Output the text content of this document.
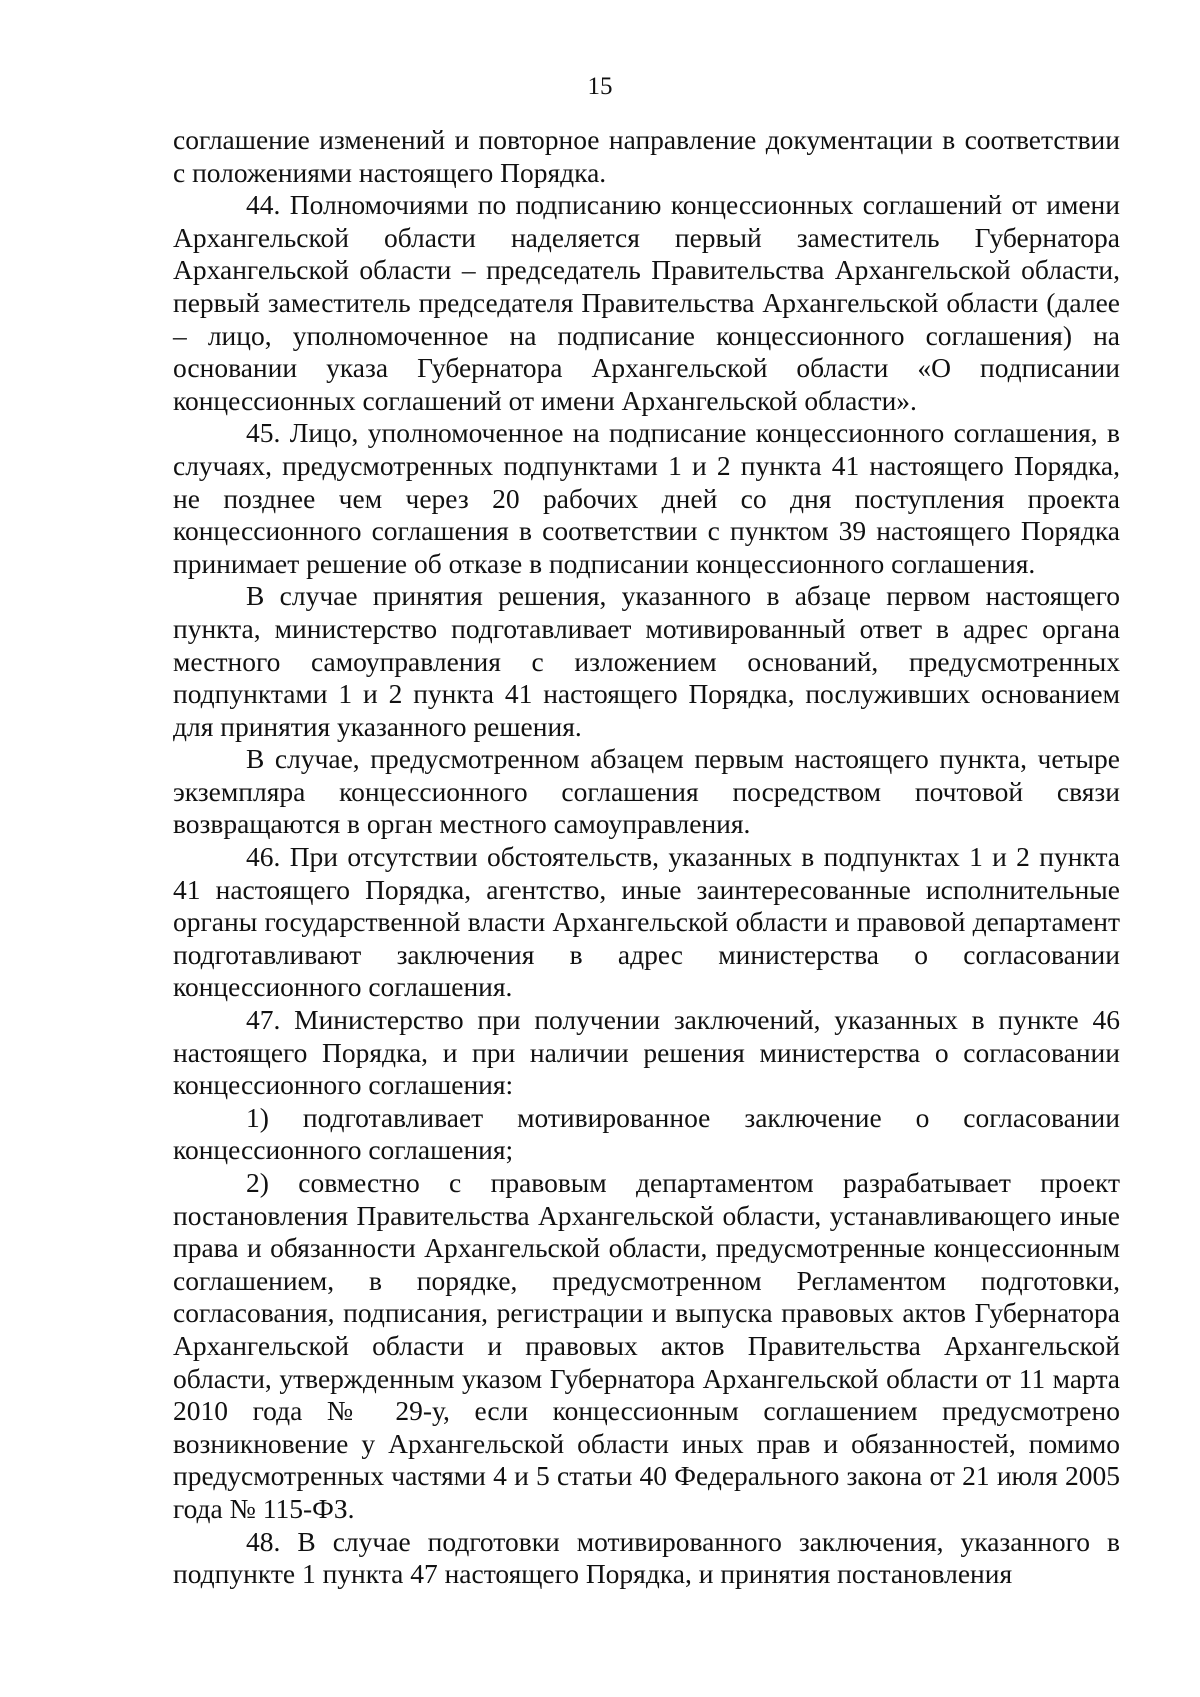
15

соглашение изменений и повторное направление документации в соответствии с положениями настоящего Порядка.

44. Полномочиями по подписанию концессионных соглашений от имени Архангельской области наделяется первый заместитель Губернатора Архангельской области – председатель Правительства Архангельской области, первый заместитель председателя Правительства Архангельской области (далее – лицо, уполномоченное на подписание концессионного соглашения) на основании указа Губернатора Архангельской области «О подписании концессионных соглашений от имени Архангельской области».

45. Лицо, уполномоченное на подписание концессионного соглашения, в случаях, предусмотренных подпунктами 1 и 2 пункта 41 настоящего Порядка, не позднее чем через 20 рабочих дней со дня поступления проекта концессионного соглашения в соответствии с пунктом 39 настоящего Порядка принимает решение об отказе в подписании концессионного соглашения.

В случае принятия решения, указанного в абзаце первом настоящего пункта, министерство подготавливает мотивированный ответ в адрес органа местного самоуправления с изложением оснований, предусмотренных подпунктами 1 и 2 пункта 41 настоящего Порядка, послуживших основанием для принятия указанного решения.

В случае, предусмотренном абзацем первым настоящего пункта, четыре экземпляра концессионного соглашения посредством почтовой связи возвращаются в орган местного самоуправления.

46. При отсутствии обстоятельств, указанных в подпунктах 1 и 2 пункта 41 настоящего Порядка, агентство, иные заинтересованные исполнительные органы государственной власти Архангельской области и правовой департамент подготавливают заключения в адрес министерства о согласовании концессионного соглашения.

47. Министерство при получении заключений, указанных в пункте 46 настоящего Порядка, и при наличии решения министерства о согласовании концессионного соглашения:

1) подготавливает мотивированное заключение о согласовании концессионного соглашения;

2) совместно с правовым департаментом разрабатывает проект постановления Правительства Архангельской области, устанавливающего иные права и обязанности Архангельской области, предусмотренные концессионным соглашением, в порядке, предусмотренном Регламентом подготовки, согласования, подписания, регистрации и выпуска правовых актов Губернатора Архангельской области и правовых актов Правительства Архангельской области, утвержденным указом Губернатора Архангельской области от 11 марта 2010 года № 29-у, если концессионным соглашением предусмотрено возникновение у Архангельской области иных прав и обязанностей, помимо предусмотренных частями 4 и 5 статьи 40 Федерального закона от 21 июля 2005 года № 115-ФЗ.

48. В случае подготовки мотивированного заключения, указанного в подпункте 1 пункта 47 настоящего Порядка, и принятия постановления
